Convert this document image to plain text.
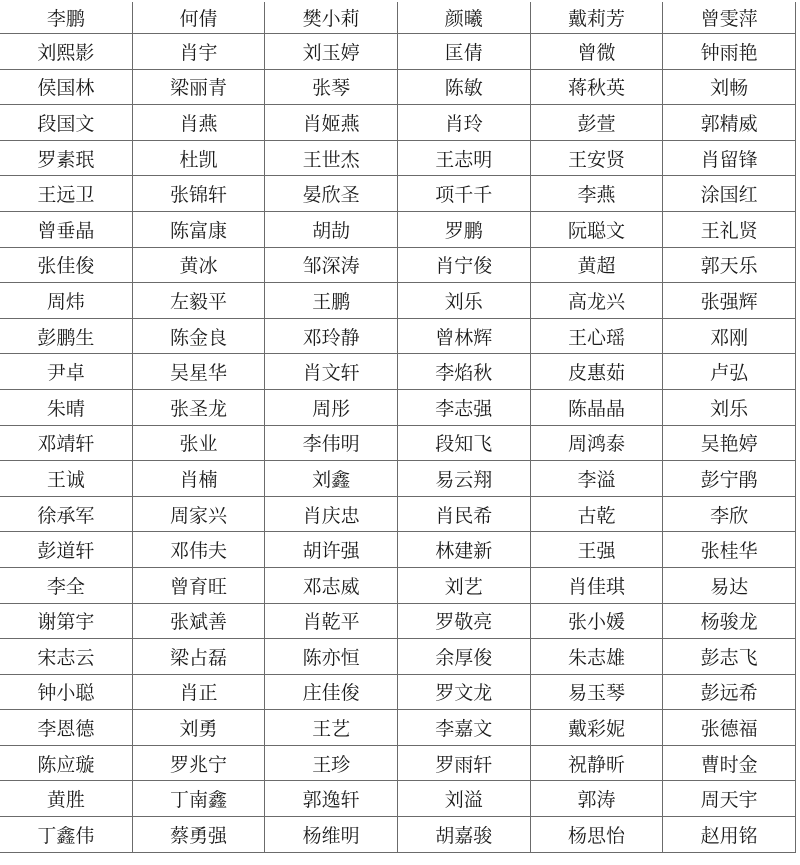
李鹏	何倩	樊小莉	颜曦	戴莉芳	曾雯萍
刘熙影	肖宇	刘玉婷	匡倩	曾微	钟雨艳
侯国林	梁丽青	张琴	陈敏	蒋秋英	刘畅
段国文	肖燕	肖姬燕	肖玲	彭萱	郭精威
罗素珉	杜凯	王世杰	王志明	王安贤	肖留锋
王远卫	张锦轩	晏欣圣	项千千	李燕	涂国红
曾垂晶	陈富康	胡劼	罗鹏	阮聪文	王礼贤
张佳俊	黄冰	邹深涛	肖宁俊	黄超	郭天乐
周炜	左毅平	王鹏	刘乐	高龙兴	张强辉
彭鹏生	陈金良	邓玲静	曾林辉	王心瑶	邓刚
尹卓	吴星华	肖文轩	李焰秋	皮惠茹	卢弘
朱晴	张圣龙	周彤	李志强	陈晶晶	刘乐
邓靖轩	张业	李伟明	段知飞	周鸿泰	吴艳婷
王诚	肖楠	刘鑫	易云翔	李溢	彭宁鹃
徐承军	周家兴	肖庆忠	肖民希	古乾	李欣
彭道轩	邓伟夫	胡许强	林建新	王强	张桂华
李全	曾育旺	邓志威	刘艺	肖佳琪	易达
谢第宇	张斌善	肖乾平	罗敬亮	张小媛	杨骏龙
宋志云	梁占磊	陈亦恒	余厚俊	朱志雄	彭志飞
钟小聪	肖正	庄佳俊	罗文龙	易玉琴	彭远希
李恩德	刘勇	王艺	李嘉文	戴彩妮	张德福
陈应璇	罗兆宁	王珍	罗雨轩	祝静昕	曹时金
黄胜	丁南鑫	郭逸轩	刘溢	郭涛	周天宇
丁鑫伟	蔡勇强	杨维明	胡嘉骏	杨思怡	赵用铭
